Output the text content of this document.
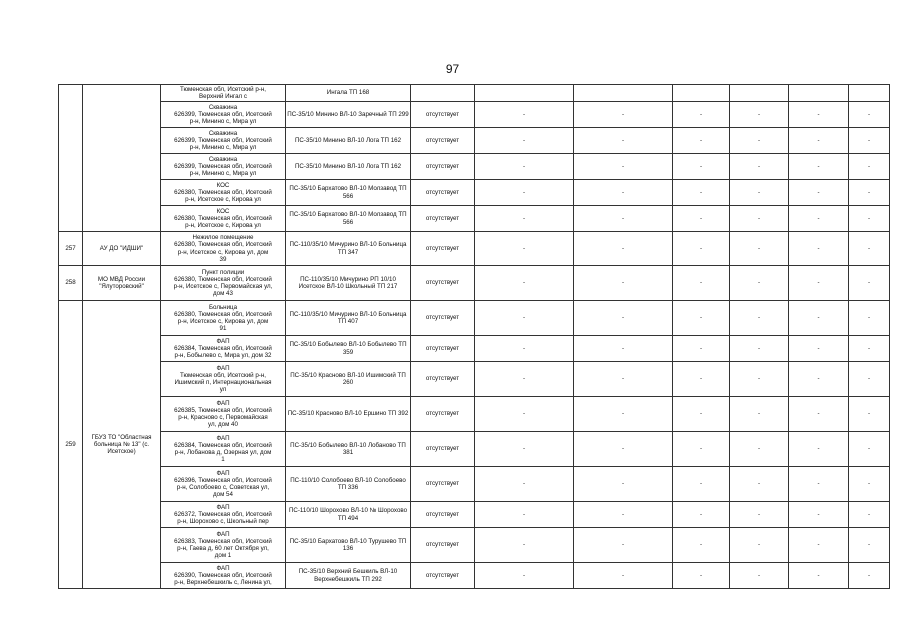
97

		Тюменская обл, Исетский р-н,
Верхний Ингал с	Ингала ТП 168								

		Скважина
626399, Тюменская обл, Исетский
р-н, Минино с, Мира ул	ПС-35/10 Минино ВЛ-10 Заречный ТП 299	отсутствует	-	-	-	-	-	-	

		Скважина
626399, Тюменская обл, Исетский
р-н, Минино с, Мира ул	ПС-35/10 Минино ВЛ-10 Лога ТП 162	отсутствует	-	-	-	-	-	-	

		Скважина
626399, Тюменская обл, Исетский
р-н, Минино с, Мира ул	ПС-35/10 Минино ВЛ-10 Лога ТП 162	отсутствует	-	-	-	-	-	-	

		КОС
626380, Тюменская обл, Исетский
р-н, Исетское с, Кирова ул	ПС-35/10 Бархатово ВЛ-10 Молзавод ТП 566	отсутствует	-	-	-	-	-	-	

		КОС
626380, Тюменская обл, Исетский
р-н, Исетское с, Кирова ул	ПС-35/10 Бархатово ВЛ-10 Молзавод ТП 566	отсутствует	-	-	-	-	-	-	
257	АУ ДО "ИДШИ"	Нежилое помещение
626380, Тюменская обл, Исетский
р-н, Исетское с, Кирова ул, дом
39	ПС-110/35/10 Мичурино ВЛ-10 Больница ТП 347	отсутствует	-	-	-	-	-	-	
258	МО МВД России "Ялуторовский"	Пункт полиции
626380, Тюменская обл, Исетский
р-н, Исетское с, Первомайская ул,
дом 43	ПС-110/35/10 Мичурино РП 10/10 Исетское ВЛ-10 Школьный ТП 217	отсутствует	-	-	-	-	-	-	
259	ГБУЗ ТО "Областная больница № 13" (с. Исетское)	Больница
626380, Тюменская обл, Исетский
р-н, Исетское с, Кирова ул, дом
91	ПС-110/35/10 Мичурино ВЛ-10 Больница ТП 407	отсутствует	-	-	-	-	-	-	

		ФАП
626384, Тюменская обл, Исетский
р-н, Бобылево с, Мира ул, дом 32	ПС-35/10 Бобылево ВЛ-10 Бобылево ТП 359	отсутствует	-	-	-	-	-	-	

		ФАП
Тюменская обл, Исетский р-н,
Ишимский п, Интернациональная
ул	ПС-35/10 Красново ВЛ-10 Ишимский ТП 260	отсутствует	-	-	-	-	-	-	

		ФАП
626385, Тюменская обл, Исетский
р-н, Красново с, Первомайская
ул, дом 40	ПС-35/10 Красново ВЛ-10 Ершино ТП 392	отсутствует	-	-	-	-	-	-	

		ФАП
626384, Тюменская обл, Исетский
р-н, Лобанова д, Озерная ул, дом
1	ПС-35/10 Бобылево ВЛ-10 Лобаново ТП 381	отсутствует	-	-	-	-	-	-	

		ФАП
626396, Тюменская обл, Исетский
р-н, Солобоево с, Советская ул,
дом 54	ПС-110/10 Солобоево ВЛ-10 Солобоево ТП 336	отсутствует	-	-	-	-	-	-	

		ФАП
626372, Тюменская обл, Исетский
р-н, Шорохово с, Школьный пер	ПС-110/10 Шорохово ВЛ-10 № Шорохово ТП 494	отсутствует	-	-	-	-	-	-	

		ФАП
626383, Тюменская обл, Исетский
р-н, Гаева д, 60 лет Октября ул,
дом 1	ПС-35/10 Бархатово ВЛ-10 Турушево ТП 136	отсутствует	-	-	-	-	-	-	

		ФАП
626390, Тюменская обл, Исетский
р-н, Верхнебешкиль с, Ленина ул,	ПС-35/10 Верхний Бешкиль ВЛ-10 Верхнебешкиль ТП 292	отсутствует	-	-	-	-	-	-	
